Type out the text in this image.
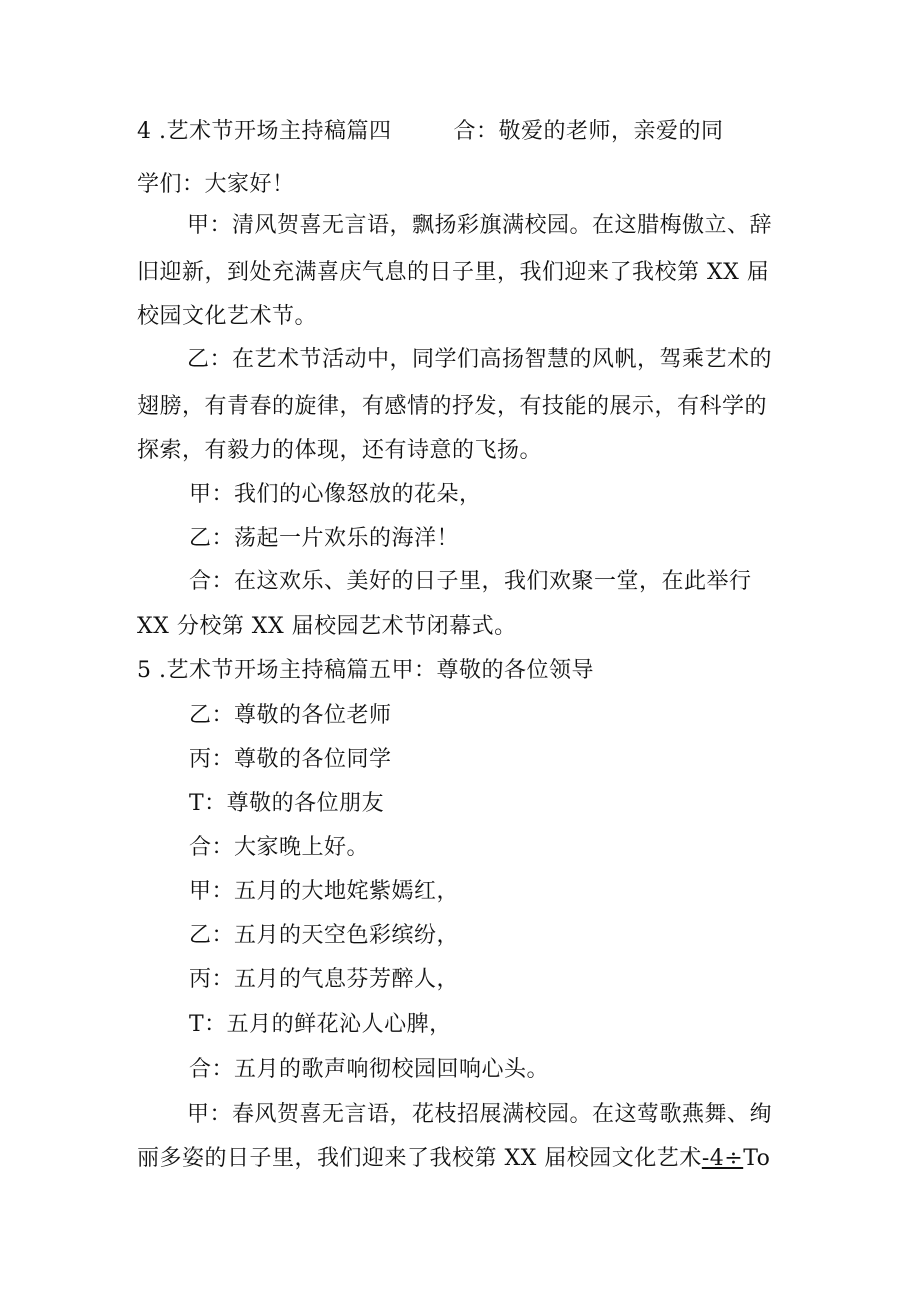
4 .艺术节开场主持稿篇四	合：敬爱的老师，亲爱的同
学们：大家好！
甲：清风贺喜无言语，飘扬彩旗满校园。在这腊梅傲立、辞
旧迎新，到处充满喜庆气息的日子里，我们迎来了我校第 XX 届
校园文化艺术节。
乙：在艺术节活动中，同学们高扬智慧的风帆，驾乘艺术的
翅膀，有青春的旋律，有感情的抒发，有技能的展示，有科学的
探索，有毅力的体现，还有诗意的飞扬。
甲：我们的心像怒放的花朵，
乙：荡起一片欢乐的海洋！
合：在这欢乐、美好的日子里，我们欢聚一堂，在此举行
XX 分校第 XX 届校园艺术节闭幕式。
5 .艺术节开场主持稿篇五甲：尊敬的各位领导
乙：尊敬的各位老师
丙：尊敬的各位同学
T：尊敬的各位朋友
合：大家晚上好。
甲：五月的大地姹紫嫣红，
乙：五月的天空色彩缤纷，
丙：五月的气息芬芳醉人，
T：五月的鲜花沁人心脾，
合：五月的歌声响彻校园回响心头。
甲：春风贺喜无言语，花枝招展满校园。在这莺歌燕舞、绚
丽多姿的日子里，我们迎来了我校第 XX 届校园文化艺术-4÷To
